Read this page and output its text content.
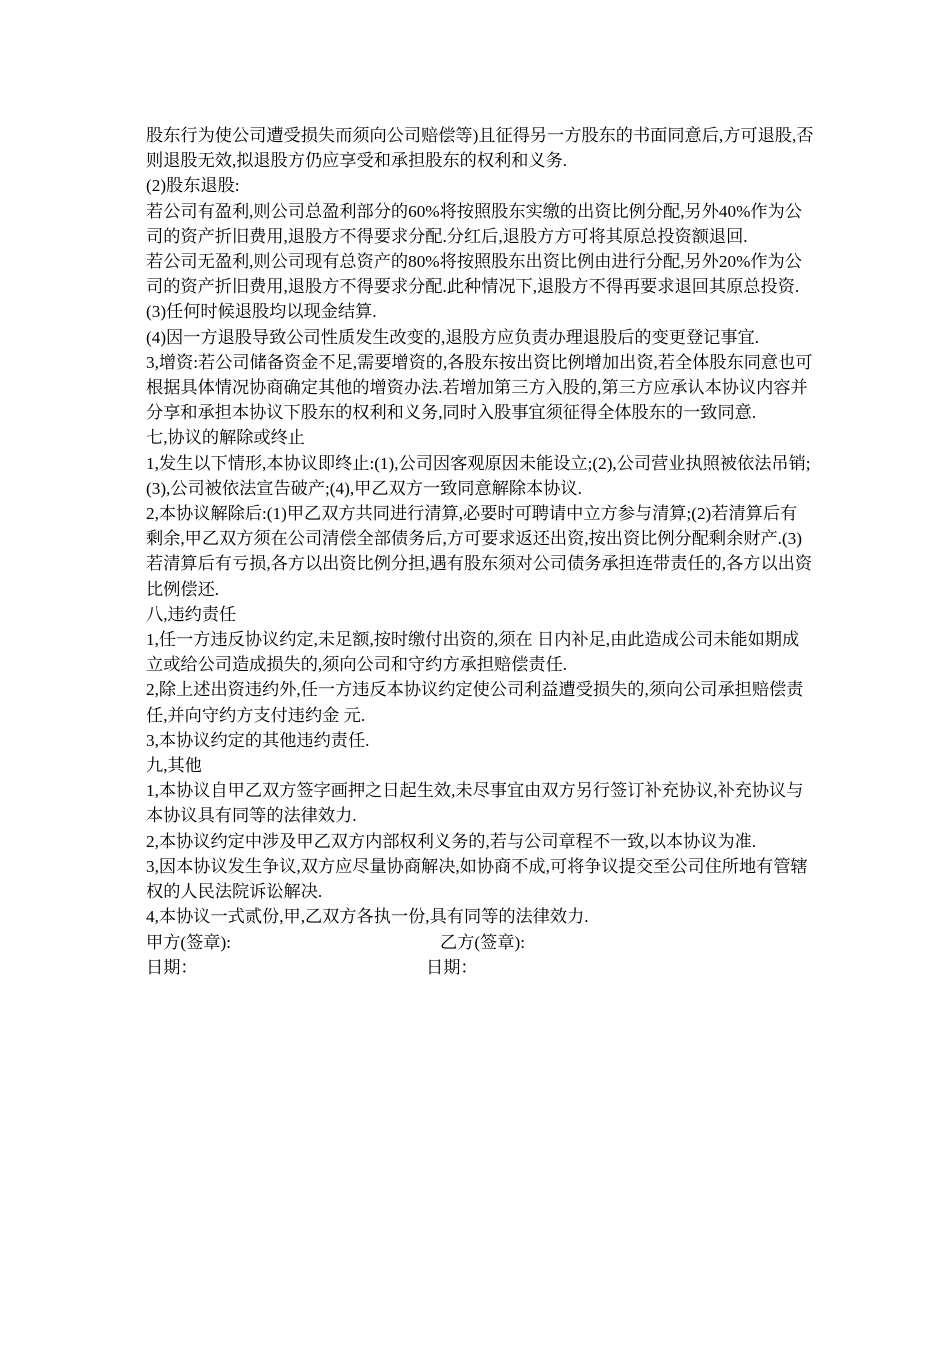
股东行为使公司遭受损失而须向公司赔偿等)且征得另一方股东的书面同意后,方可退股,否则退股无效,拟退股方仍应享受和承担股东的权利和义务.

(2)股东退股:

若公司有盈利,则公司总盈利部分的60%将按照股东实缴的出资比例分配,另外40%作为公司的资产折旧费用,退股方不得要求分配.分红后,退股方方可将其原总投资额退回.

若公司无盈利,则公司现有总资产的80%将按照股东出资比例由进行分配,另外20%作为公司的资产折旧费用,退股方不得要求分配.此种情况下,退股方不得再要求退回其原总投资.

(3)任何时候退股均以现金结算.

(4)因一方退股导致公司性质发生改变的,退股方应负责办理退股后的变更登记事宜.

3,增资:若公司储备资金不足,需要增资的,各股东按出资比例增加出资,若全体股东同意也可根据具体情况协商确定其他的增资办法.若增加第三方入股的,第三方应承认本协议内容并分享和承担本协议下股东的权利和义务,同时入股事宜须征得全体股东的一致同意.

七,协议的解除或终止

1,发生以下情形,本协议即终止:(1),公司因客观原因未能设立;(2),公司营业执照被依法吊销;(3),公司被依法宣告破产;(4),甲乙双方一致同意解除本协议.

2,本协议解除后:(1)甲乙双方共同进行清算,必要时可聘请中立方参与清算;(2)若清算后有剩余,甲乙双方须在公司清偿全部债务后,方可要求返还出资,按出资比例分配剩余财产.(3)若清算后有亏损,各方以出资比例分担,遇有股东须对公司债务承担连带责任的,各方以出资比例偿还.

八,违约责任

1,任一方违反协议约定,未足额,按时缴付出资的,须在 日内补足,由此造成公司未能如期成立或给公司造成损失的,须向公司和守约方承担赔偿责任.

2,除上述出资违约外,任一方违反本协议约定使公司利益遭受损失的,须向公司承担赔偿责任,并向守约方支付违约金 元.

3,本协议约定的其他违约责任.

九,其他

1,本协议自甲乙双方签字画押之日起生效,未尽事宜由双方另行签订补充协议,补充协议与本协议具有同等的法律效力.

2,本协议约定中涉及甲乙双方内部权利义务的,若与公司章程不一致,以本协议为准.

3,因本协议发生争议,双方应尽量协商解决,如协商不成,可将争议提交至公司住所地有管辖权的人民法院诉讼解决.

4,本协议一式贰份,甲,乙双方各执一份,具有同等的法律效力.

甲方(签章):	乙方(签章):
日期：	日期：
